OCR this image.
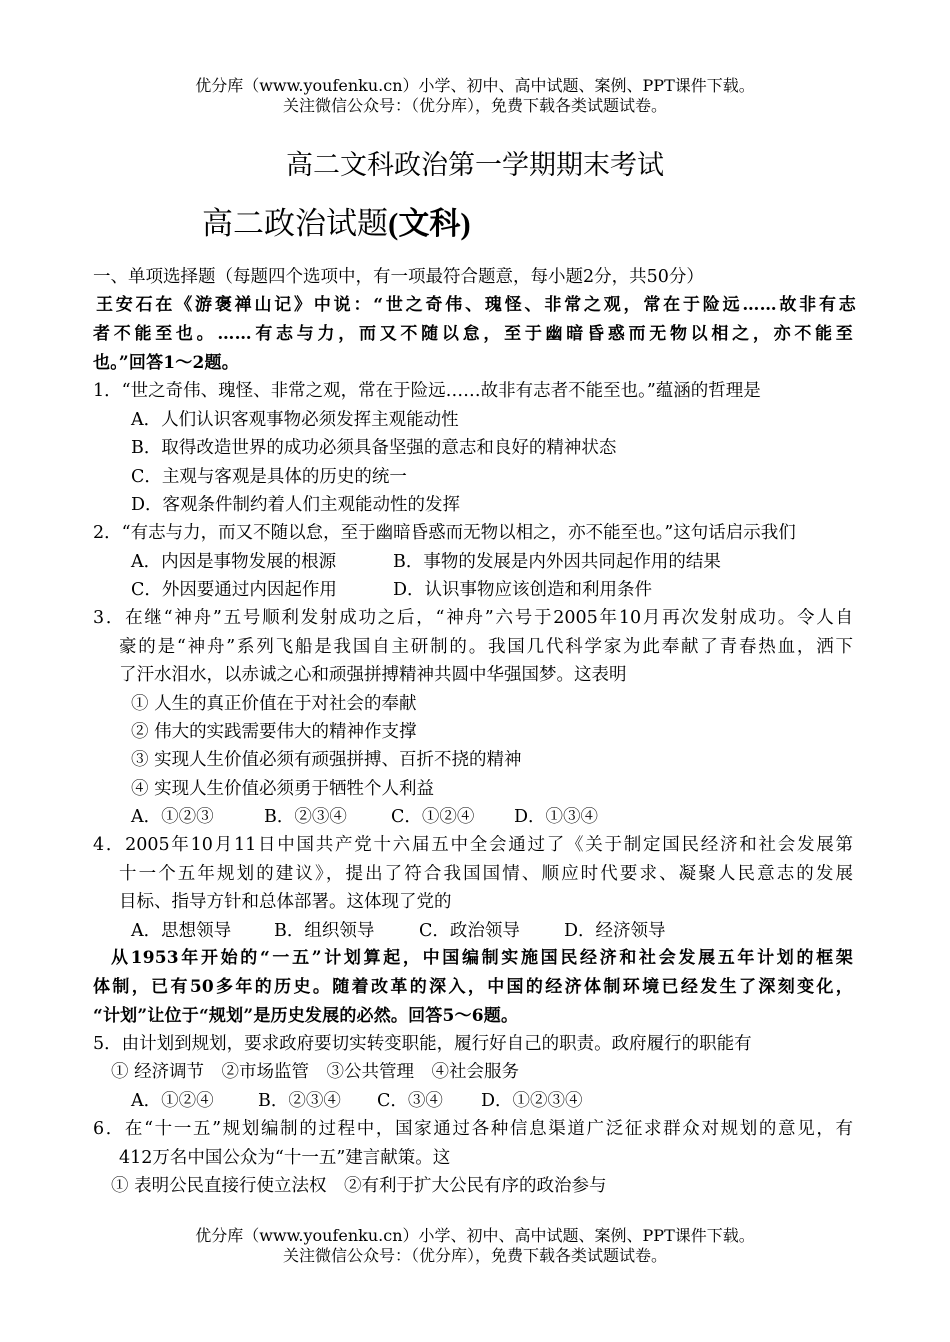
优分库（www.youfenku.cn）小学、初中、高中试题、案例、PPT课件下载。
关注微信公众号：（优分库），免费下载各类试题试卷。
高二文科政治第一学期期末考试
高二政治试题(文科)
一、单项选择题（每题四个选项中，有一项最符合题意，每小题2分，共50分）
王安石在《游褒禅山记》中说：“世之奇伟、瑰怪、非常之观，常在于险远……故非有志
者不能至也。……有志与力，而又不随以怠，至于幽暗昏惑而无物以相之，亦不能至
也。”回答1～2题。
1．“世之奇伟、瑰怪、非常之观，常在于险远……故非有志者不能至也。”蕴涵的哲理是
A．人们认识客观事物必须发挥主观能动性
B．取得改造世界的成功必须具备坚强的意志和良好的精神状态
C．主观与客观是具体的历史的统一
D．客观条件制约着人们主观能动性的发挥
2．“有志与力，而又不随以怠，至于幽暗昏惑而无物以相之，亦不能至也。”这句话启示我们
A．内因是事物发展的根源	B．事物的发展是内外因共同起作用的结果
C．外因要通过内因起作用	D．认识事物应该创造和利用条件
3．在继“神舟”五号顺利发射成功之后，“神舟”六号于2005年10月再次发射成功。令人自
豪的是“神舟”系列飞船是我国自主研制的。我国几代科学家为此奉献了青春热血，洒下
了汗水泪水，以赤诚之心和顽强拼搏精神共圆中华强国梦。这表明
① 人生的真正价值在于对社会的奉献
② 伟大的实践需要伟大的精神作支撑
③ 实现人生价值必须有顽强拼搏、百折不挠的精神
④ 实现人生价值必须勇于牺牲个人利益
A．①②③	B．②③④	C．①②④ D．①③④
4．2005年10月11日中国共产党十六届五中全会通过了《关于制定国民经济和社会发展第
十一个五年规划的建议》，提出了符合我国国情、顺应时代要求、凝聚人民意志的发展
目标、指导方针和总体部署。这体现了党的
A．思想领导 B．组织领导	C．政治领导	D．经济领导
从1953年开始的“一五”计划算起，中国编制实施国民经济和社会发展五年计划的框架
体制，已有50多年的历史。随着改革的深入，中国的经济体制环境已经发生了深刻变化，
“计划”让位于“规划”是历史发展的必然。回答5～6题。
5．由计划到规划，要求政府要切实转变职能，履行好自己的职责。政府履行的职能有
① 经济调节　②市场监管　③公共管理　④社会服务
A．①②④	B．②③④ C．③④ D．①②③④
6．在“十一五”规划编制的过程中，国家通过各种信息渠道广泛征求群众对规划的意见，有
412万名中国公众为“十一五”建言献策。这
① 表明公民直接行使立法权　②有利于扩大公民有序的政治参与
优分库（www.youfenku.cn）小学、初中、高中试题、案例、PPT课件下载。
关注微信公众号：（优分库），免费下载各类试题试卷。
